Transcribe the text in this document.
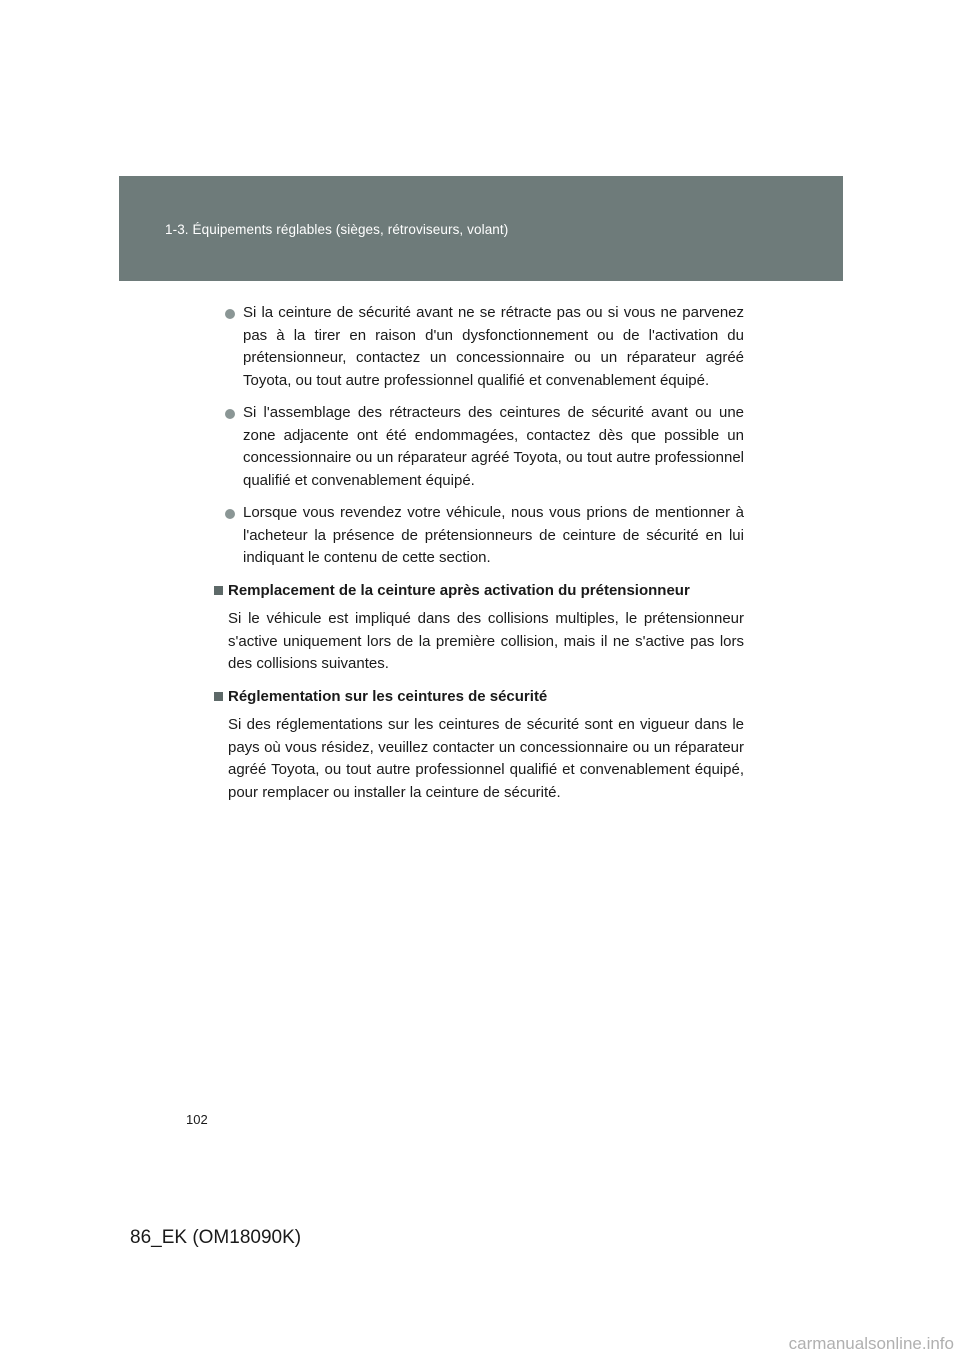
1-3. Équipements réglables (sièges, rétroviseurs, volant)
Si la ceinture de sécurité avant ne se rétracte pas ou si vous ne parvenez pas à la tirer en raison d'un dysfonctionnement ou de l'activation du prétensionneur, contactez un concessionnaire ou un réparateur agréé Toyota, ou tout autre professionnel qualifié et convenablement équipé.
Si l'assemblage des rétracteurs des ceintures de sécurité avant ou une zone adjacente ont été endommagées, contactez dès que possible un concessionnaire ou un réparateur agréé Toyota, ou tout autre professionnel qualifié et convenablement équipé.
Lorsque vous revendez votre véhicule, nous vous prions de mentionner à l'acheteur la présence de prétensionneurs de ceinture de sécurité en lui indiquant le contenu de cette section.
Remplacement de la ceinture après activation du prétensionneur
Si le véhicule est impliqué dans des collisions multiples, le prétensionneur s'active uniquement lors de la première collision, mais il ne s'active pas lors des collisions suivantes.
Réglementation sur les ceintures de sécurité
Si des réglementations sur les ceintures de sécurité sont en vigueur dans le pays où vous résidez, veuillez contacter un concessionnaire ou un réparateur agréé Toyota, ou tout autre professionnel qualifié et convenablement équipé, pour remplacer ou installer la ceinture de sécurité.
102
86_EK (OM18090K)
carmanualsonline.info
